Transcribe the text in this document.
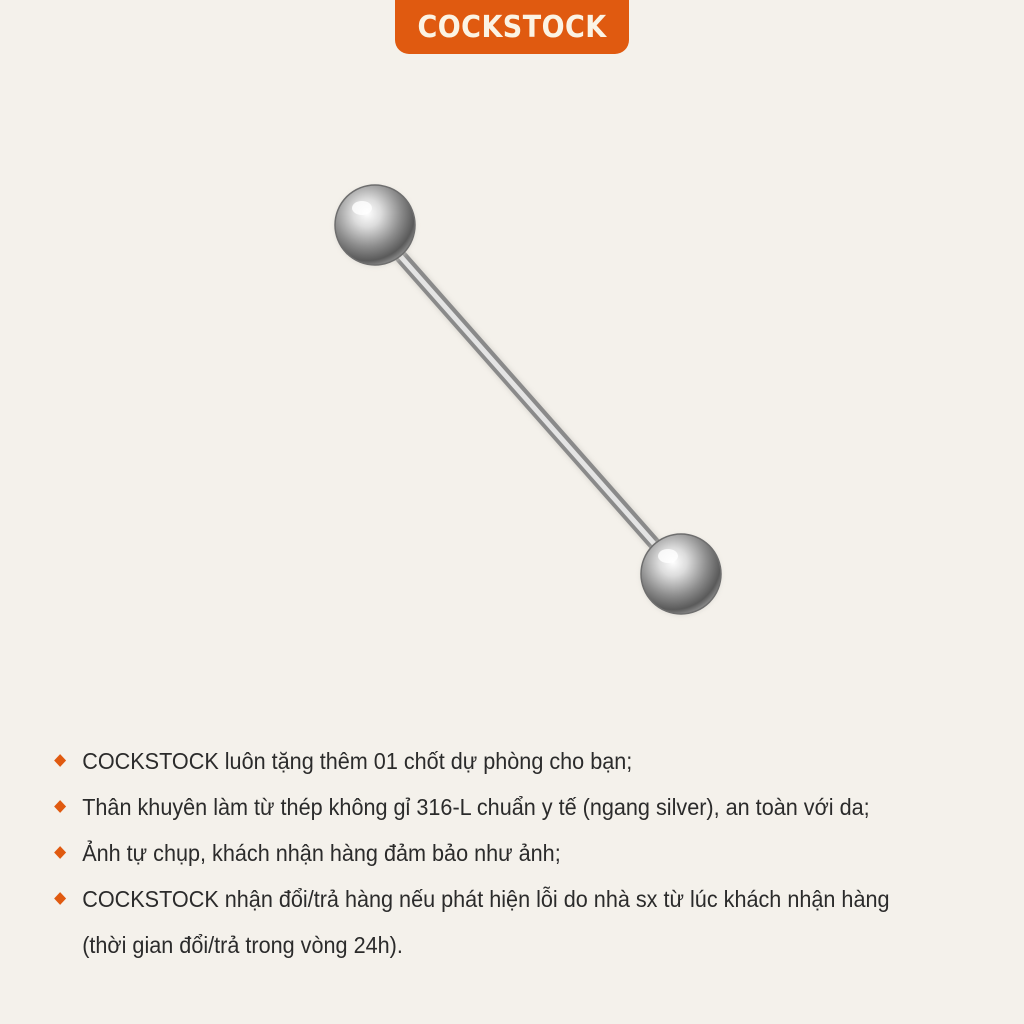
COCKSTOCK
COCKSTOCK luôn tặng thêm 01 chốt dự phòng cho bạn;
Thân khuyên làm từ thép không gỉ 316-L chuẩn y tế (ngang silver), an toàn với da;
Ảnh tự chụp, khách nhận hàng đảm bảo như ảnh;
COCKSTOCK nhận đổi/trả hàng nếu phát hiện lỗi do nhà sx từ lúc khách nhận hàng (thời gian đổi/trả trong vòng 24h).
